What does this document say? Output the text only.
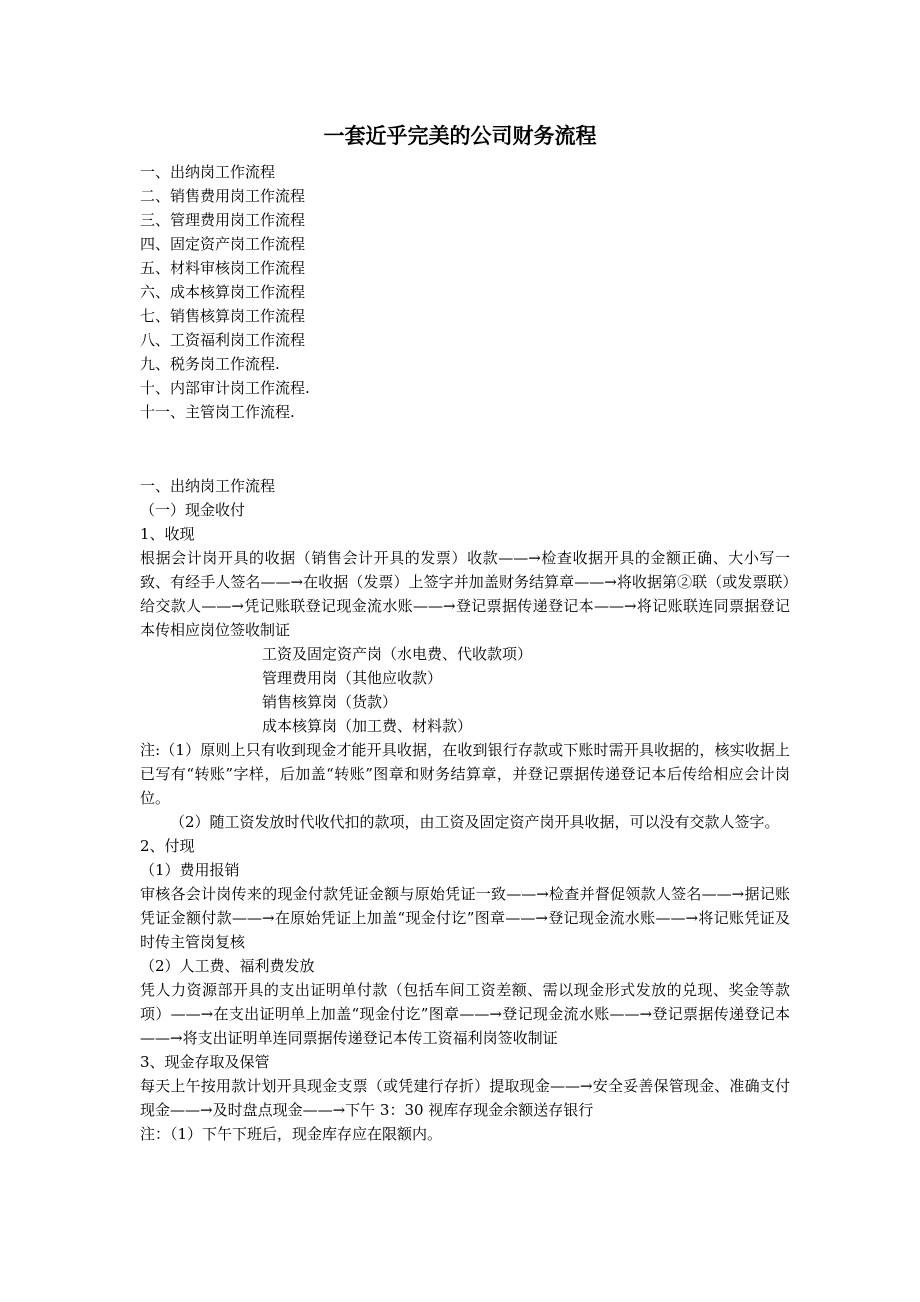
一套近乎完美的公司财务流程
一、出纳岗工作流程
二、销售费用岗工作流程
三、管理费用岗工作流程
四、固定资产岗工作流程
五、材料审核岗工作流程
六、成本核算岗工作流程
七、销售核算岗工作流程
八、工资福利岗工作流程
九、税务岗工作流程.
十、内部审计岗工作流程.
十一、主管岗工作流程.

一、出纳岗工作流程

（一）现金收付

1、收现

根据会计岗开具的收据（销售会计开具的发票）收款——→检查收据开具的金额正确、大小写一致、有经手人签名——→在收据（发票）上签字并加盖财务结算章——→将收据第②联（或发票联）给交款人——→凭记账联登记现金流水账——→登记票据传递登记本——→将记账联连同票据登记本传相应岗位签收制证

工资及固定资产岗（水电费、代收款项）

管理费用岗（其他应收款）

销售核算岗（货款）

成本核算岗（加工费、材料款）

注:（1）原则上只有收到现金才能开具收据，在收到银行存款或下账时需开具收据的，核实收据上已写有“转账”字样，后加盖“转账”图章和财务结算章，并登记票据传递登记本后传给相应会计岗位。

（2）随工资发放时代收代扣的款项，由工资及固定资产岗开具收据，可以没有交款人签字。

2、付现

（1）费用报销

审核各会计岗传来的现金付款凭证金额与原始凭证一致——→检查并督促领款人签名——→据记账凭证金额付款——→在原始凭证上加盖“现金付讫”图章——→登记现金流水账——→将记账凭证及时传主管岗复核

（2）人工费、福利费发放

凭人力资源部开具的支出证明单付款（包括车间工资差额、需以现金形式发放的兑现、奖金等款项）——→在支出证明单上加盖“现金付讫”图章——→登记现金流水账——→登记票据传递登记本——→将支出证明单连同票据传递登记本传工资福利岗签收制证

3、现金存取及保管

每天上午按用款计划开具现金支票（或凭建行存折）提取现金——→安全妥善保管现金、准确支付现金——→及时盘点现金——→下午 3：30 视库存现金余额送存银行

注：（1）下午下班后，现金库存应在限额内。
